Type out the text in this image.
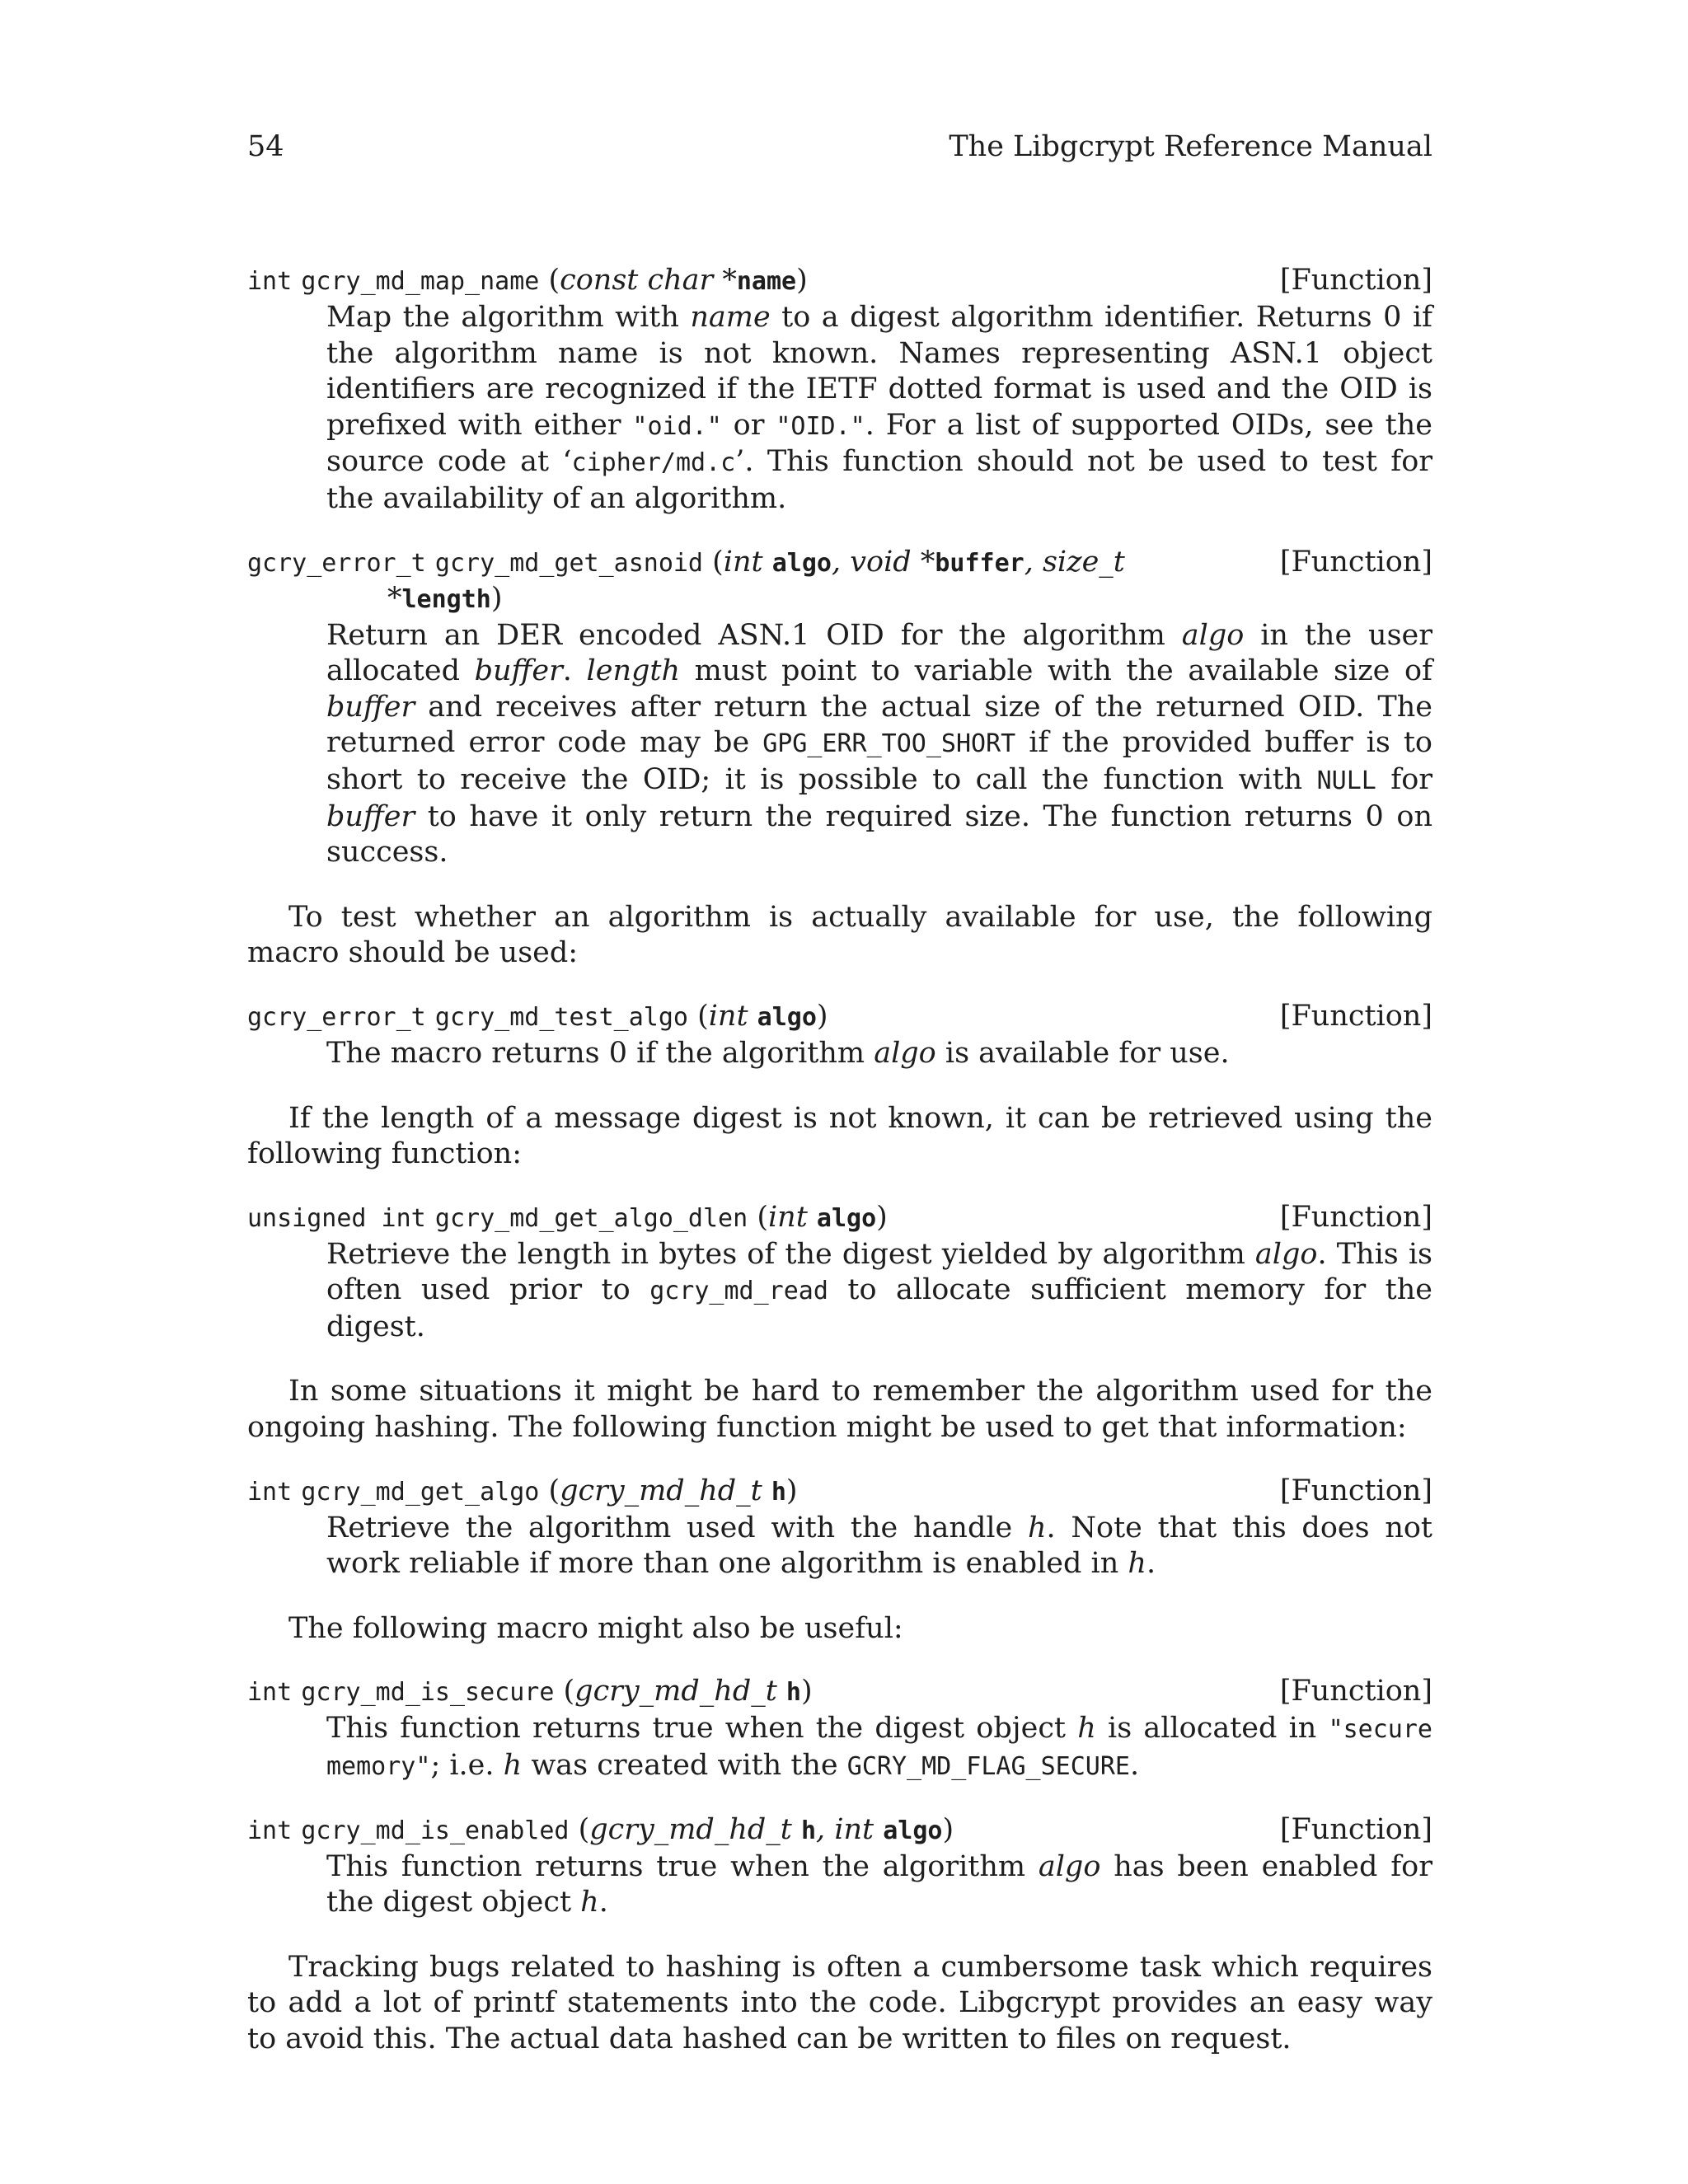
54	The Libgcrypt Reference Manual
int gcry_md_map_name (const char *name)	[Function]
Map the algorithm with name to a digest algorithm identifier. Returns 0 if the algorithm name is not known. Names representing ASN.1 object identifiers are recognized if the IETF dotted format is used and the OID is prefixed with either "oid." or "OID.". For a list of supported OIDs, see the source code at ‘cipher/md.c’. This function should not be used to test for the availability of an algorithm.
gcry_error_t gcry_md_get_asnoid (int algo, void *buffer, size_t	[Function]
*length)
Return an DER encoded ASN.1 OID for the algorithm algo in the user allocated buffer. length must point to variable with the available size of buffer and receives after return the actual size of the returned OID. The returned error code may be GPG_ERR_TOO_SHORT if the provided buffer is to short to receive the OID; it is possible to call the function with NULL for buffer to have it only return the required size. The function returns 0 on success.

To test whether an algorithm is actually available for use, the following macro should be used:

gcry_error_t gcry_md_test_algo (int algo)	[Function]
The macro returns 0 if the algorithm algo is available for use.

If the length of a message digest is not known, it can be retrieved using the following function:

unsigned int gcry_md_get_algo_dlen (int algo)	[Function]
Retrieve the length in bytes of the digest yielded by algorithm algo. This is often used prior to gcry_md_read to allocate sufficient memory for the digest.

In some situations it might be hard to remember the algorithm used for the ongoing hashing. The following function might be used to get that information:

int gcry_md_get_algo (gcry_md_hd_t h)	[Function]
Retrieve the algorithm used with the handle h. Note that this does not work reliable if more than one algorithm is enabled in h.

The following macro might also be useful:

int gcry_md_is_secure (gcry_md_hd_t h)	[Function]
This function returns true when the digest object h is allocated in "secure memory"; i.e. h was created with the GCRY_MD_FLAG_SECURE.
int gcry_md_is_enabled (gcry_md_hd_t h, int algo)	[Function]
This function returns true when the algorithm algo has been enabled for the digest object h.

Tracking bugs related to hashing is often a cumbersome task which requires to add a lot of printf statements into the code. Libgcrypt provides an easy way to avoid this. The actual data hashed can be written to files on request.
